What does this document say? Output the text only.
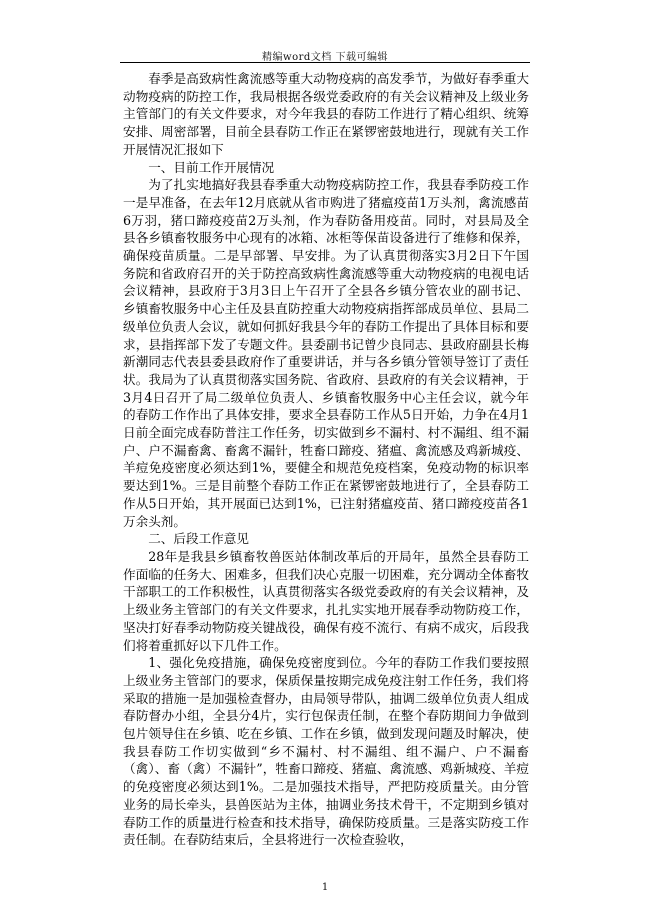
精编word文档 下载可编辑

春季是高致病性禽流感等重大动物疫病的高发季节，为做好春季重大动物疫病的防控工作，我局根据各级党委政府的有关会议精神及上级业务主管部门的有关文件要求，对今年我县的春防工作进行了精心组织、统筹安排、周密部署，目前全县春防工作正在紧锣密鼓地进行，现就有关工作开展情况汇报如下

一、目前工作开展情况

为了扎实地搞好我县春季重大动物疫病防控工作，我县春季防疫工作一是早准备，在去年12月底就从省市购进了猪瘟疫苗1万头剂，禽流感苗6万羽，猪口蹄疫疫苗2万头剂，作为春防备用疫苗。同时，对县局及全县各乡镇畜牧服务中心现有的冰箱、冰柜等保苗设备进行了维修和保养，确保疫苗质量。二是早部署、早安排。为了认真贯彻落实3月2日下午国务院和省政府召开的关于防控高致病性禽流感等重大动物疫病的电视电话会议精神，县政府于3月3日上午召开了全县各乡镇分管农业的副书记、乡镇畜牧服务中心主任及县直防控重大动物疫病指挥部成员单位、县局二级单位负责人会议，就如何抓好我县今年的春防工作提出了具体目标和要求，县指挥部下发了专题文件。县委副书记曾少良同志、县政府副县长梅新潮同志代表县委县政府作了重要讲话，并与各乡镇分管领导签订了责任状。我局为了认真贯彻落实国务院、省政府、县政府的有关会议精神，于3月4日召开了局二级单位负责人、乡镇畜牧服务中心主任会议，就今年的春防工作作出了具体安排，要求全县春防工作从5日开始，力争在4月1日前全面完成春防普注工作任务，切实做到乡不漏村、村不漏组、组不漏户、户不漏畜禽、畜禽不漏针，牲畜口蹄疫、猪瘟、禽流感及鸡新城疫、羊痘免疫密度必须达到1%，要健全和规范免疫档案，免疫动物的标识率要达到1%。三是目前整个春防工作正在紧锣密鼓地进行了，全县春防工作从5日开始，其开展面已达到1%，已注射猪瘟疫苗、猪口蹄疫疫苗各1万余头剂。

二、后段工作意见

28年是我县乡镇畜牧兽医站体制改革后的开局年，虽然全县春防工作面临的任务大、困难多，但我们决心克服一切困难，充分调动全体畜牧干部职工的工作积极性，认真贯彻落实各级党委政府的有关会议精神，及上级业务主管部门的有关文件要求，扎扎实实地开展春季动物防疫工作，坚决打好春季动物防疫关键战役，确保有疫不流行、有病不成灾，后段我们将着重抓好以下几件工作。

1、强化免疫措施，确保免疫密度到位。今年的春防工作我们要按照上级业务主管部门的要求，保质保量按期完成免疫注射工作任务，我们将采取的措施一是加强检查督办，由局领导带队，抽调二级单位负责人组成春防督办小组，全县分4片，实行包保责任制，在整个春防期间力争做到包片领导住在乡镇、吃在乡镇、工作在乡镇，做到发现问题及时解决，使我县春防工作切实做到“乡不漏村、村不漏组、组不漏户、户不漏畜（禽）、畜（禽）不漏针”，牲畜口蹄疫、猪瘟、禽流感、鸡新城疫、羊痘的免疫密度必须达到1%。二是加强技术指导，严把防疫质量关。由分管业务的局长牵头，县兽医站为主体，抽调业务技术骨干，不定期到乡镇对春防工作的质量进行检查和技术指导，确保防疫质量。三是落实防疫工作责任制。在春防结束后，全县将进行一次检查验收，

1
